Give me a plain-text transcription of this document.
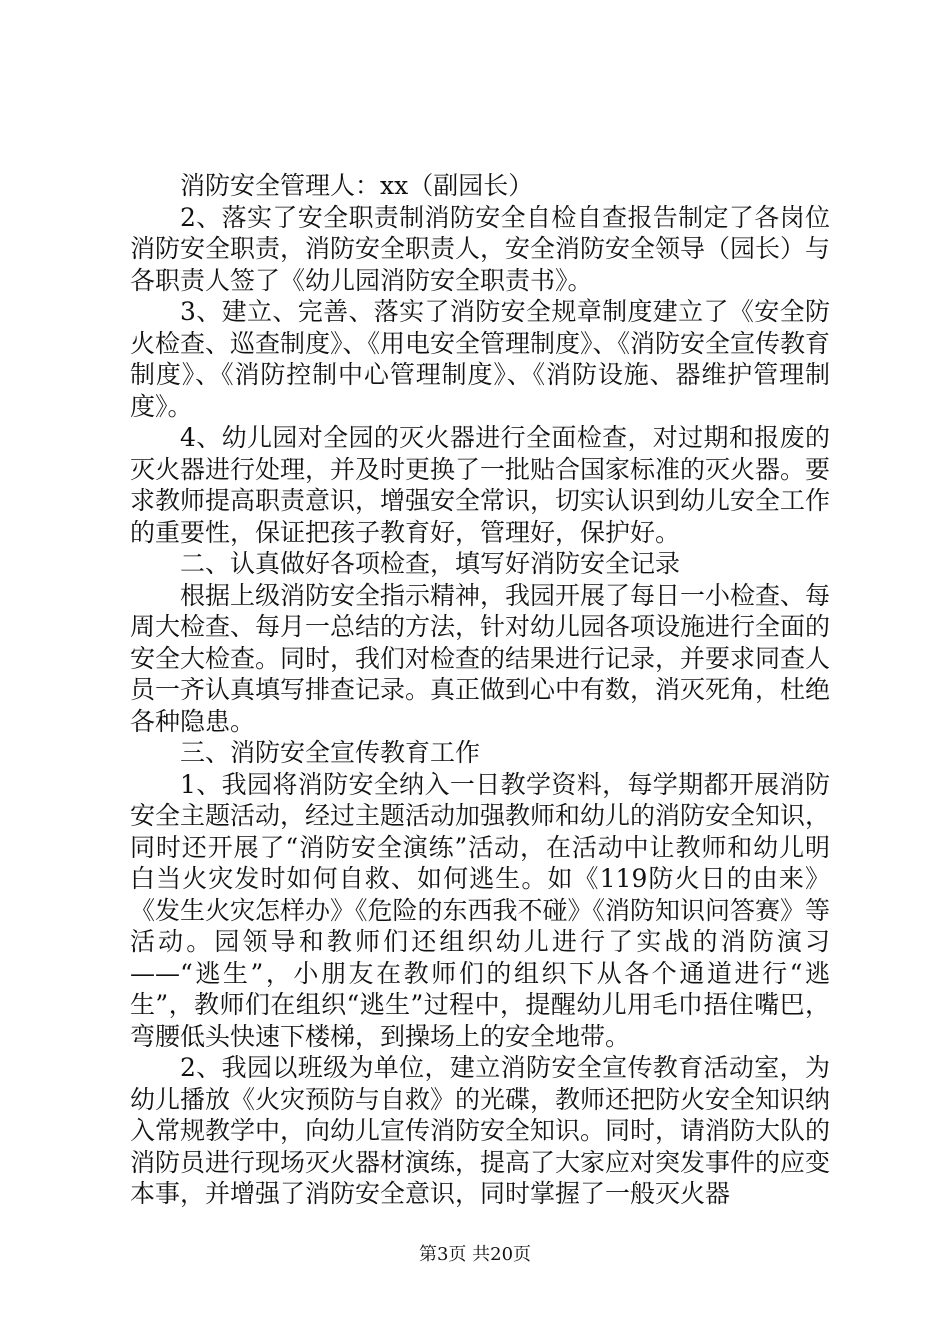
消防安全管理人：xx（副园长）

2、落实了安全职责制消防安全自检自查报告制定了各岗位消防安全职责，消防安全职责人，安全消防安全领导（园长）与各职责人签了《幼儿园消防安全职责书》。

3、建立、完善、落实了消防安全规章制度建立了《安全防火检查、巡查制度》、《用电安全管理制度》、《消防安全宣传教育制度》、《消防控制中心管理制度》、《消防设施、器维护管理制度》。

4、幼儿园对全园的灭火器进行全面检查，对过期和报废的灭火器进行处理，并及时更换了一批贴合国家标准的灭火器。要求教师提高职责意识，增强安全常识，切实认识到幼儿安全工作的重要性，保证把孩子教育好，管理好，保护好。

二、认真做好各项检查，填写好消防安全记录

根据上级消防安全指示精神，我园开展了每日一小检查、每周大检查、每月一总结的方法，针对幼儿园各项设施进行全面的安全大检查。同时，我们对检查的结果进行记录，并要求同查人员一齐认真填写排查记录。真正做到心中有数，消灭死角，杜绝各种隐患。

三、消防安全宣传教育工作

1、我园将消防安全纳入一日教学资料，每学期都开展消防安全主题活动，经过主题活动加强教师和幼儿的消防安全知识，同时还开展了“消防安全演练”活动，在活动中让教师和幼儿明白当火灾发时如何自救、如何逃生。如《119防火日的由来》《发生火灾怎样办》《危险的东西我不碰》《消防知识问答赛》等活动。园领导和教师们还组织幼儿进行了实战的消防演习——“逃生”，小朋友在教师们的组织下从各个通道进行“逃生”，教师们在组织“逃生”过程中，提醒幼儿用毛巾捂住嘴巴，弯腰低头快速下楼梯，到操场上的安全地带。

2、我园以班级为单位，建立消防安全宣传教育活动室，为幼儿播放《火灾预防与自救》的光碟，教师还把防火安全知识纳入常规教学中，向幼儿宣传消防安全知识。同时，请消防大队的消防员进行现场灭火器材演练，提高了大家应对突发事件的应变本事，并增强了消防安全意识，同时掌握了一般灭火器

第3页 共20页
